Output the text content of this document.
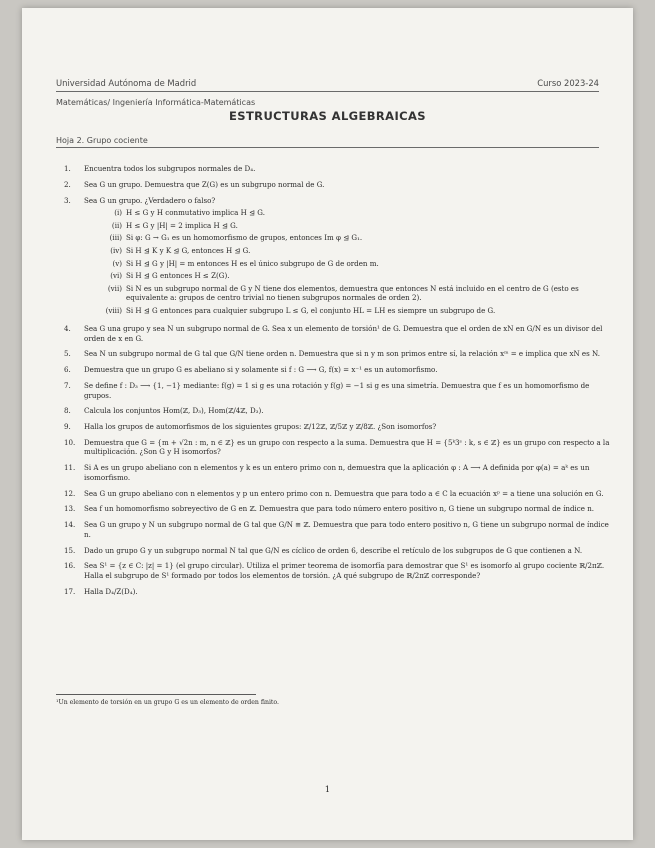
Universidad Autónoma de Madrid	Curso 2023-24
Matemáticas/ Ingeniería Informática-Matemáticas
ESTRUCTURAS ALGEBRAICAS
Hoja 2. Grupo cociente
1. Encuentra todos los subgrupos normales de D₄.
2. Sea G un grupo. Demuestra que Z(G) es un subgrupo normal de G.
3. Sea G un grupo. ¿Verdadero o falso?
(i) H ≤ G y H conmutativo implica H ⊴ G.
(ii) H ≤ G y |H| = 2 implica H ⊴ G.
(iii) Si φ: G → G₁ es un homomorfismo de grupos, entonces Im φ ⊴ G₁.
(iv) Si H ⊴ K y K ⊴ G, entonces H ⊴ G.
(v) Si H ⊴ G y |H| = m entonces H es el único subgrupo de G de orden m.
(vi) Si H ⊴ G entonces H ≤ Z(G).
(vii) Si N es un subgrupo normal de G y N tiene dos elementos, demuestra que entonces N está incluido en el centro de G (esto es equivalente a: grupos de centro trivial no tienen subgrupos normales de orden 2).
(viii) Si H ⊴ G entonces para cualquier subgrupo L ≤ G, el conjunto HL = LH es siempre un subgrupo de G.
4. Sea G una grupo y sea N un subgrupo normal de G. Sea x un elemento de torsión¹ de G. Demuestra que el orden de xN en G/N es un divisor del orden de x en G.
5. Sea N un subgrupo normal de G tal que G/N tiene orden n. Demuestra que si n y m son primos entre sí, la relación xᵐ = e implica que xN es N.
6. Demuestra que un grupo G es abeliano si y solamente si f : G ⟶ G, f(x) = x⁻¹ es un automorfismo.
7. Se define f : D₃ ⟶ {1, −1} mediante: f(g) = 1 si g es una rotación y f(g) = −1 si g es una simetría. Demuestra que f es un homomorfismo de grupos.
8. Calcula los conjuntos Hom(ℤ, D₃), Hom(ℤ/4ℤ, D₃).
9. Halla los grupos de automorfismos de los siguientes grupos: ℤ/12ℤ, ℤ/5ℤ y ℤ/8ℤ. ¿Son isomorfos?
10. Demuestra que G = {m + √2n : m, n ∈ ℤ} es un grupo con respecto a la suma. Demuestra que H = {5ᵏ3ˢ : k, s ∈ ℤ} es un grupo con respecto a la multiplicación. ¿Son G y H isomorfos?
11. Si A es un grupo abeliano con n elementos y k es un entero primo con n, demuestra que la aplicación φ : A ⟶ A definida por φ(a) = aᵏ es un isomorfismo.
12. Sea G un grupo abeliano con n elementos y p un entero primo con n. Demuestra que para todo a ∈ C la ecuación xᵖ = a tiene una solución en G.
13. Sea f un homomorfismo sobreyectivo de G en ℤ. Demuestra que para todo número entero positivo n, G tiene un subgrupo normal de índice n.
14. Sea G un grupo y N un subgrupo normal de G tal que G/N ≅ ℤ. Demuestra que para todo entero positivo n, G tiene un subgrupo normal de índice n.
15. Dado un grupo G y un subgrupo normal N tal que G/N es cíclico de orden 6, describe el retículo de los subgrupos de G que contienen a N.
16. Sea S¹ = {z ∈ C: |z| = 1} (el grupo circular). Utiliza el primer teorema de isomorfía para demostrar que S¹ es isomorfo al grupo cociente ℝ/2πℤ. Halla el subgrupo de S¹ formado por todos los elementos de torsión. ¿A qué subgrupo de ℝ/2πℤ corresponde?
17. Halla D₄/Z(D₄).
¹Un elemento de torsión en un grupo G es un elemento de orden finito.
1
